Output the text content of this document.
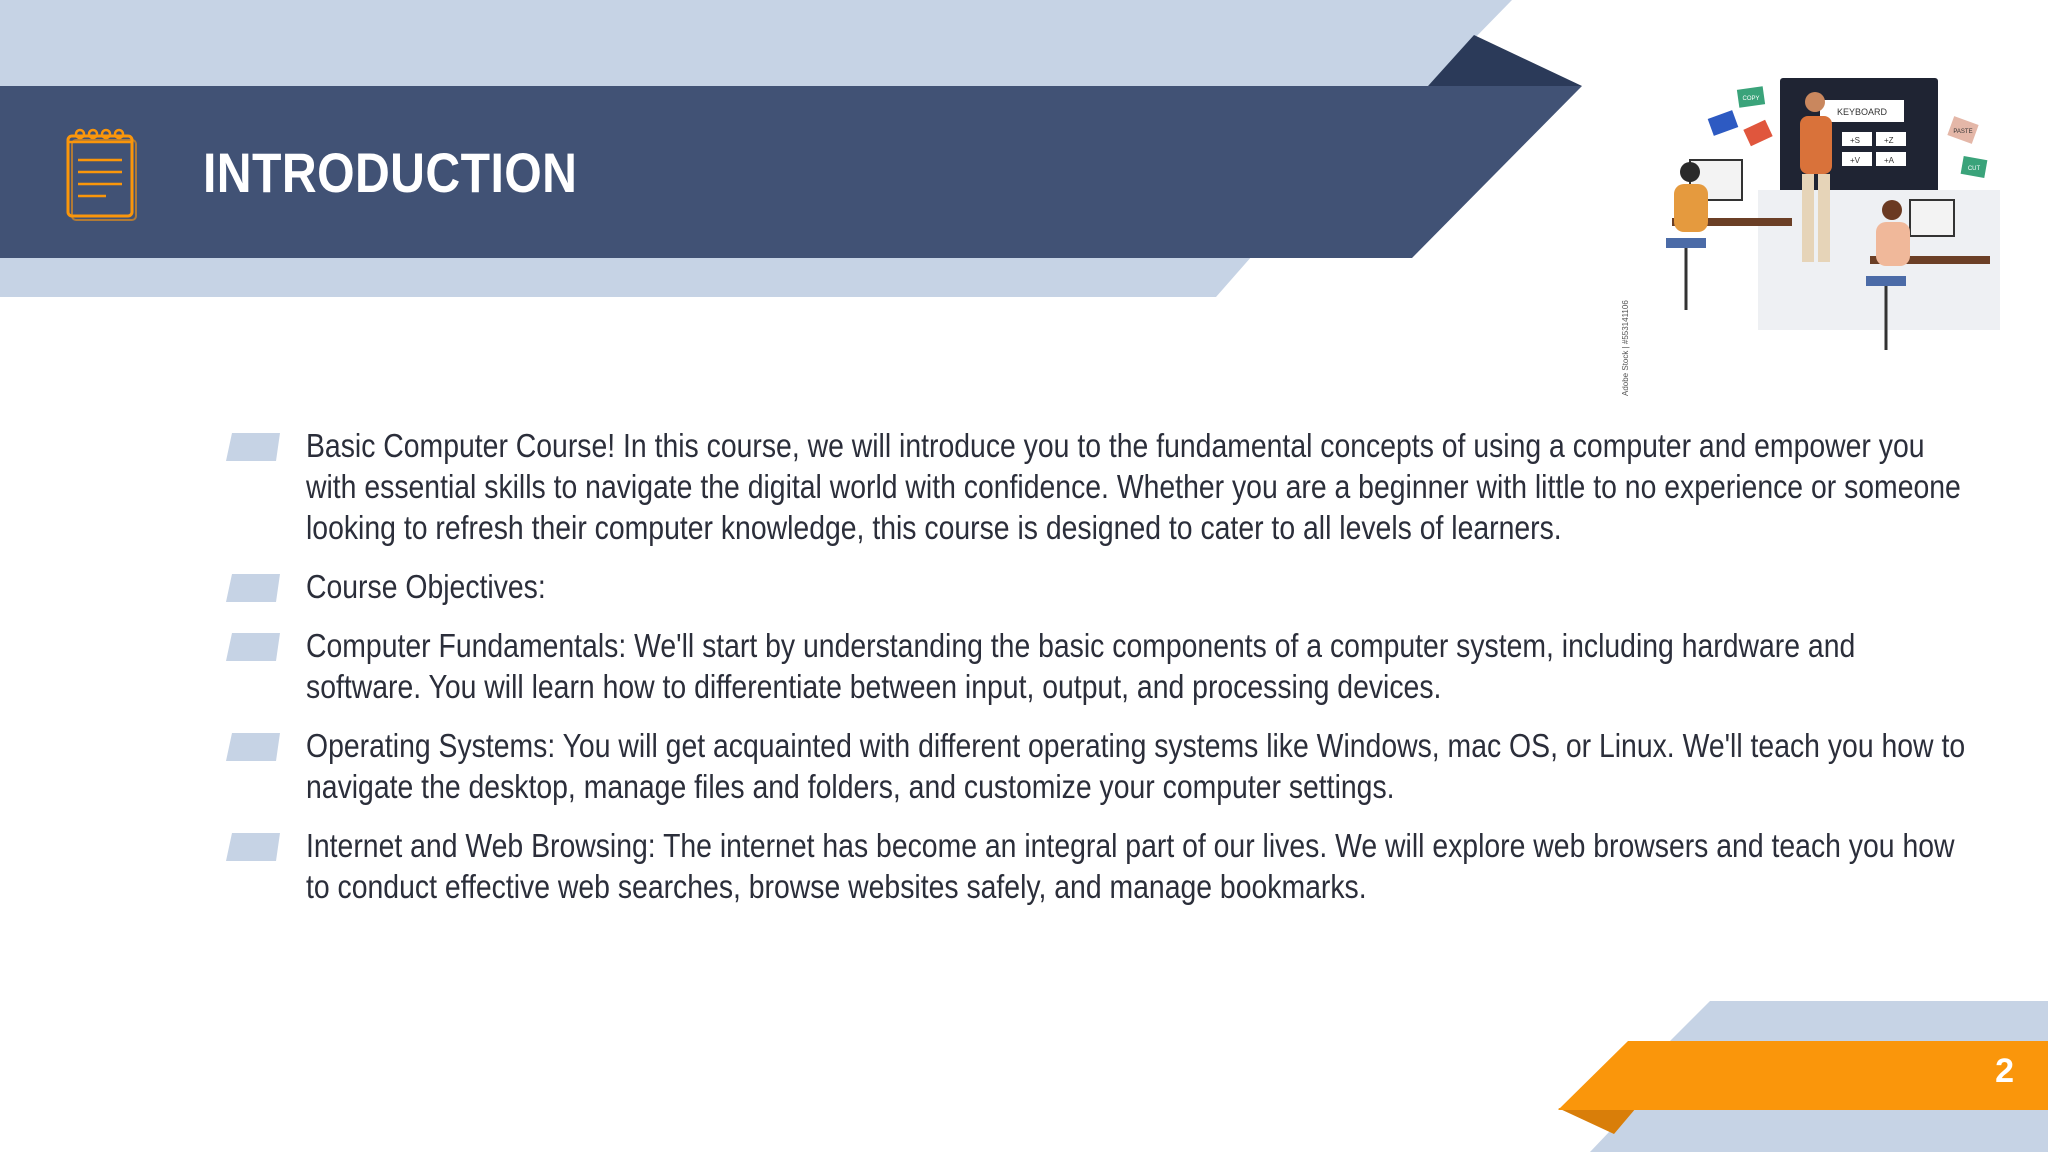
INTRODUCTION
Adobe Stock | #553141106
KEYBOARD
+S	+Z
+V	+A
COPY
PASTE
CUT
Basic Computer Course! In this course, we will introduce you to the fundamental concepts of using a computer and empower you with essential skills to navigate the digital world with confidence. Whether you are a beginner with little to no experience or someone looking to refresh their computer knowledge, this course is designed to cater to all levels of learners.
Course Objectives:
Computer Fundamentals: We'll start by understanding the basic components of a computer system, including hardware and software. You will learn how to differentiate between input, output, and processing devices.
Operating Systems: You will get acquainted with different operating systems like Windows, mac OS, or Linux. We'll teach you how to navigate the desktop, manage files and folders, and customize your computer settings.
Internet and Web Browsing: The internet has become an integral part of our lives. We will explore web browsers and teach you how to conduct effective web searches, browse websites safely, and manage bookmarks.
2
